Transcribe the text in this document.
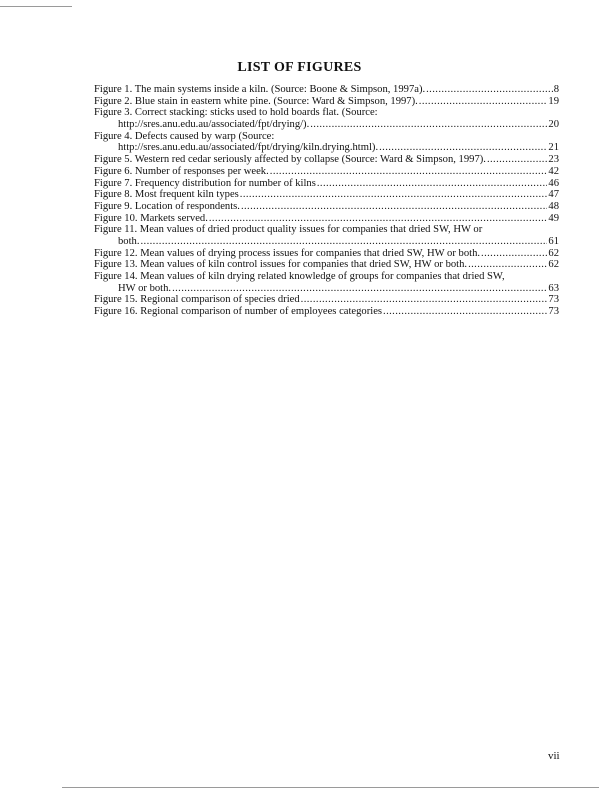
LIST OF FIGURES
Figure 1. The main systems inside a kiln. (Source: Boone & Simpson, 1997a). .....	8
Figure 2. Blue stain in eastern white pine. (Source: Ward & Simpson, 1997). .....	19
Figure 3. Correct stacking: sticks used to hold boards flat. (Source:
http://sres.anu.edu.au/associated/fpt/drying/). .....	20
Figure 4. Defects caused by warp (Source:
http://sres.anu.edu.au/associated/fpt/drying/kiln.drying.html). .....	21
Figure 5. Western red cedar seriously affected by collapse (Source: Ward & Simpson, 1997). .....	23
Figure 6. Number of responses per week. .....	42
Figure 7. Frequency distribution for number of kilns .....	46
Figure 8. Most frequent kiln types .....	47
Figure 9. Location of respondents. .....	48
Figure 10. Markets served. .....	49
Figure 11. Mean values of dried product quality issues for companies that dried SW, HW or
both. .....	61
Figure 12. Mean values of drying process issues for companies that dried SW, HW or both. .....	62
Figure 13. Mean values of kiln control issues for companies that dried SW, HW or both. .....	62
Figure 14. Mean values of kiln drying related knowledge of groups for companies that dried SW,
HW or both. .....	63
Figure 15. Regional comparison of species dried .....	73
Figure 16. Regional comparison of number of employees categories .....	73
vii
